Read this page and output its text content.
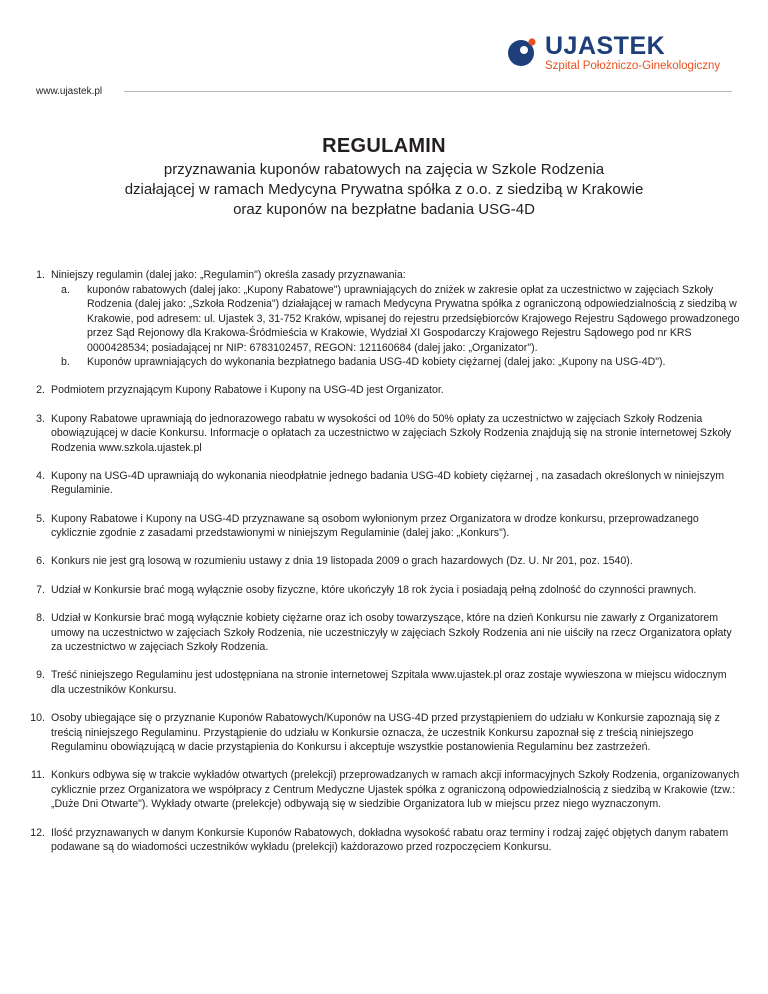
UJASTEK
Szpital Położniczo-Ginekologiczny
www.ujastek.pl
REGULAMIN
przyznawania kuponów rabatowych na zajęcia w Szkole Rodzenia
działającej w ramach Medycyna Prywatna spółka z o.o. z siedzibą w Krakowie
oraz kuponów na bezpłatne badania USG-4D
1. Niniejszy regulamin (dalej jako: „Regulamin") określa zasady przyznawania:
a.	kuponów rabatowych (dalej jako: „Kupony Rabatowe") uprawniających do zniżek w zakresie opłat za uczestnictwo w zajęciach Szkoły Rodzenia (dalej jako: „Szkoła Rodzenia") działającej w ramach Medycyna Prywatna spółka z ograniczoną odpowiedzialnością z siedzibą w Krakowie, pod adresem: ul. Ujastek 3, 31-752 Kraków, wpisanej do rejestru przedsiębiorców Krajowego Rejestru Sądowego prowadzonego przez Sąd Rejonowy dla Krakowa-Śródmieścia w Krakowie, Wydział XI Gospodarczy Krajowego Rejestru Sądowego pod nr KRS 0000428534; posiadającej nr NIP: 6783102457, REGON: 121160684 (dalej jako: „Organizator").
b.	Kuponów uprawniających do wykonania bezpłatnego badania USG-4D kobiety ciężarnej (dalej jako: „Kupony na USG-4D").
2. Podmiotem przyznającym Kupony Rabatowe i Kupony na USG-4D jest Organizator.
3. Kupony Rabatowe uprawniają do jednorazowego rabatu w wysokości od 10% do 50% opłaty za uczestnictwo w zajęciach Szkoły Rodzenia obowiązującej w dacie Konkursu. Informacje o opłatach za uczestnictwo w zajęciach Szkoły Rodzenia znajdują się na stronie internetowej Szkoły Rodzenia www.szkola.ujastek.pl
4. Kupony na USG-4D uprawniają do wykonania nieodpłatnie jednego badania USG-4D kobiety ciężarnej , na zasadach określonych w niniejszym Regulaminie.
5. Kupony Rabatowe i Kupony na USG-4D przyznawane są osobom wyłonionym przez Organizatora w drodze konkursu, przeprowadzanego cyklicznie zgodnie z zasadami przedstawionymi w niniejszym Regulaminie (dalej jako: „Konkurs").
6. Konkurs nie jest grą losową w rozumieniu ustawy z dnia 19 listopada 2009 o grach hazardowych (Dz. U. Nr 201, poz. 1540).
7. Udział w Konkursie brać mogą wyłącznie osoby fizyczne, które ukończyły 18 rok życia i posiadają pełną zdolność do czynności prawnych.
8. Udział w Konkursie brać mogą wyłącznie kobiety ciężarne oraz ich osoby towarzyszące, które na dzień Konkursu nie zawarły z Organizatorem umowy na uczestnictwo w zajęciach Szkoły Rodzenia, nie uczestniczyły w zajęciach Szkoły Rodzenia ani nie uiściły na rzecz Organizatora opłaty za uczestnictwo w zajęciach Szkoły Rodzenia.
9. Treść niniejszego Regulaminu jest udostępniana na stronie internetowej Szpitala www.ujastek.pl oraz zostaje wywieszona w miejscu widocznym dla uczestników Konkursu.
10. Osoby ubiegające się o przyznanie Kuponów Rabatowych/Kuponów na USG-4D przed przystąpieniem do udziału w Konkursie zapoznają się z treścią niniejszego Regulaminu. Przystąpienie do udziału w Konkursie oznacza, że uczestnik Konkursu zapoznał się z treścią niniejszego Regulaminu obowiązującą w dacie przystąpienia do Konkursu i akceptuje wszystkie postanowienia Regulaminu bez zastrzeżeń.
11. Konkurs odbywa się w trakcie wykładów otwartych (prelekcji) przeprowadzanych w ramach akcji informacyjnych Szkoły Rodzenia, organizowanych cyklicznie przez Organizatora we współpracy z Centrum Medyczne Ujastek spółka z ograniczoną odpowiedzialnością z siedzibą w Krakowie (tzw.: „Duże Dni Otwarte"). Wykłady otwarte (prelekcje) odbywają się w siedzibie Organizatora lub w miejscu przez niego wyznaczonym.
12. Ilość przyznawanych w danym Konkursie Kuponów Rabatowych, dokładna wysokość rabatu oraz terminy i rodzaj zajęć objętych danym rabatem podawane są do wiadomości uczestników wykładu (prelekcji) każdorazowo przed rozpoczęciem Konkursu.
